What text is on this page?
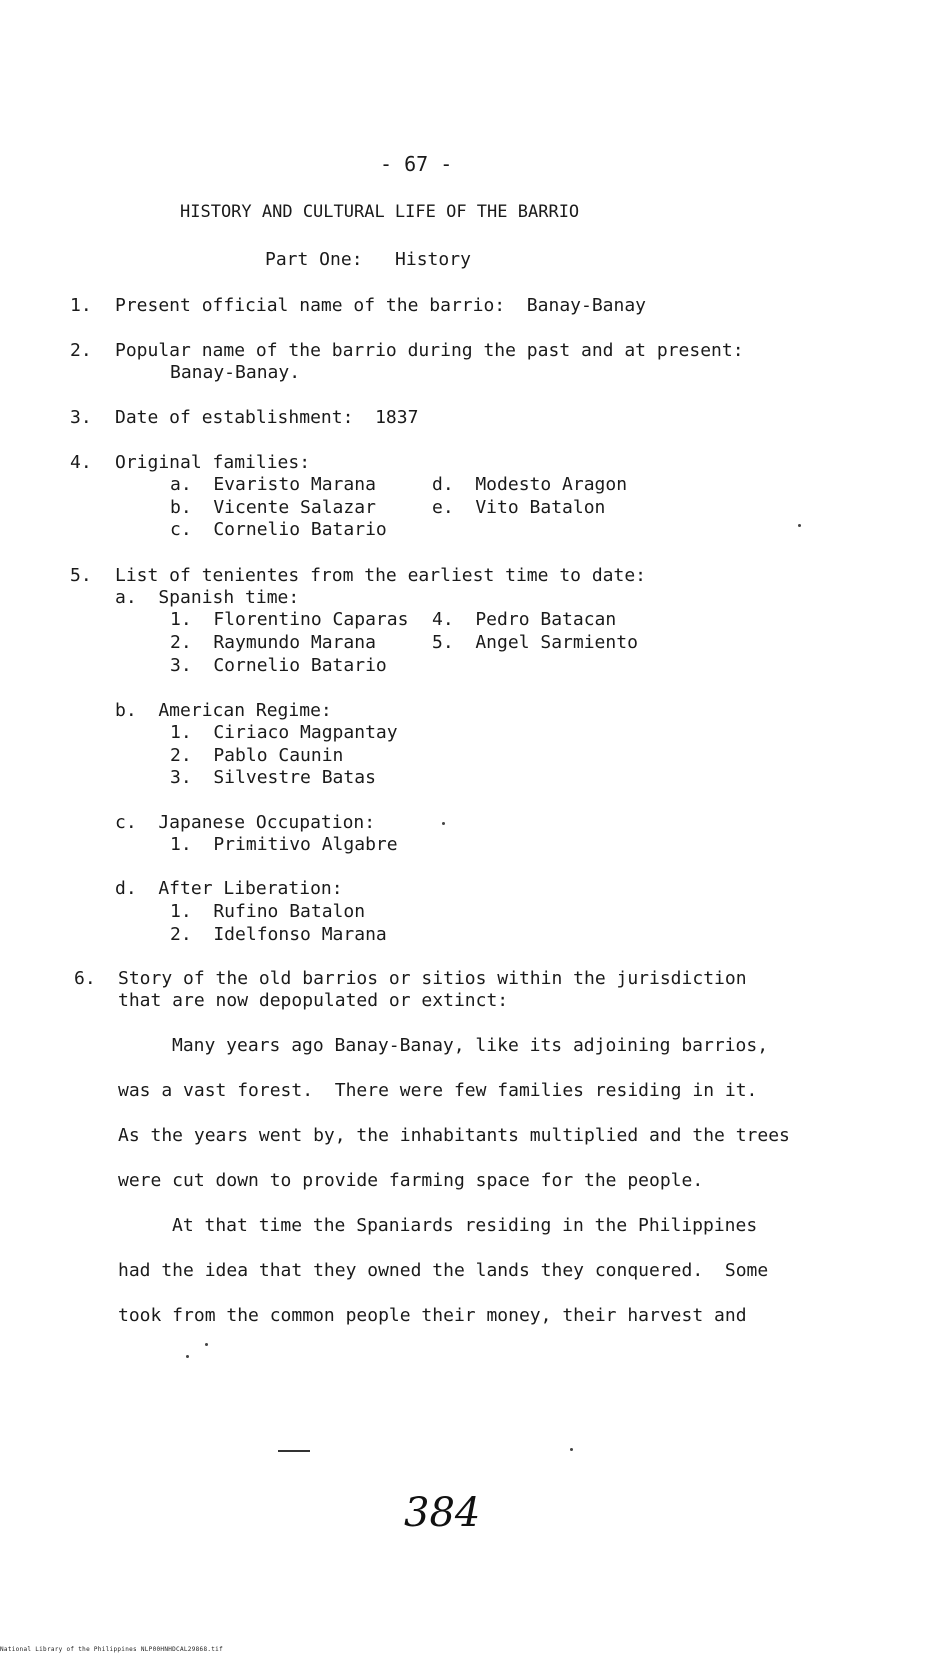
- 67 -
HISTORY AND CULTURAL LIFE OF THE BARRIO
Part One:   History
1. Present official name of the barrio:  Banay-Banay
2. Popular name of the barrio during the past and at present:
Banay-Banay.
3. Date of establishment:  1837
4. Original families:
a.  Evaristo Marana
b.  Vicente Salazar
c.  Cornelio Batario
d.  Modesto Aragon
e.  Vito Batalon
5. List of tenientes from the earliest time to date:
a.  Spanish time:
1.  Florentino Caparas
2.  Raymundo Marana
3.  Cornelio Batario
4.  Pedro Batacan
5.  Angel Sarmiento
b.  American Regime:
1.  Ciriaco Magpantay
2.  Pablo Caunin
3.  Silvestre Batas
c.  Japanese Occupation:
1.  Primitivo Algabre
d.  After Liberation:
1.  Rufino Batalon
2.  Idelfonso Marana
6. Story of the old barrios or sitios within the jurisdiction
that are now depopulated or extinct:
Many years ago Banay-Banay, like its adjoining barrios,
was a vast forest.  There were few families residing in it.
As the years went by, the inhabitants multiplied and the trees
were cut down to provide farming space for the people.
At that time the Spaniards residing in the Philippines
had the idea that they owned the lands they conquered.  Some
took from the common people their money, their harvest and
384
National Library of the Philippines NLP00HNHDCAL29868.tif
